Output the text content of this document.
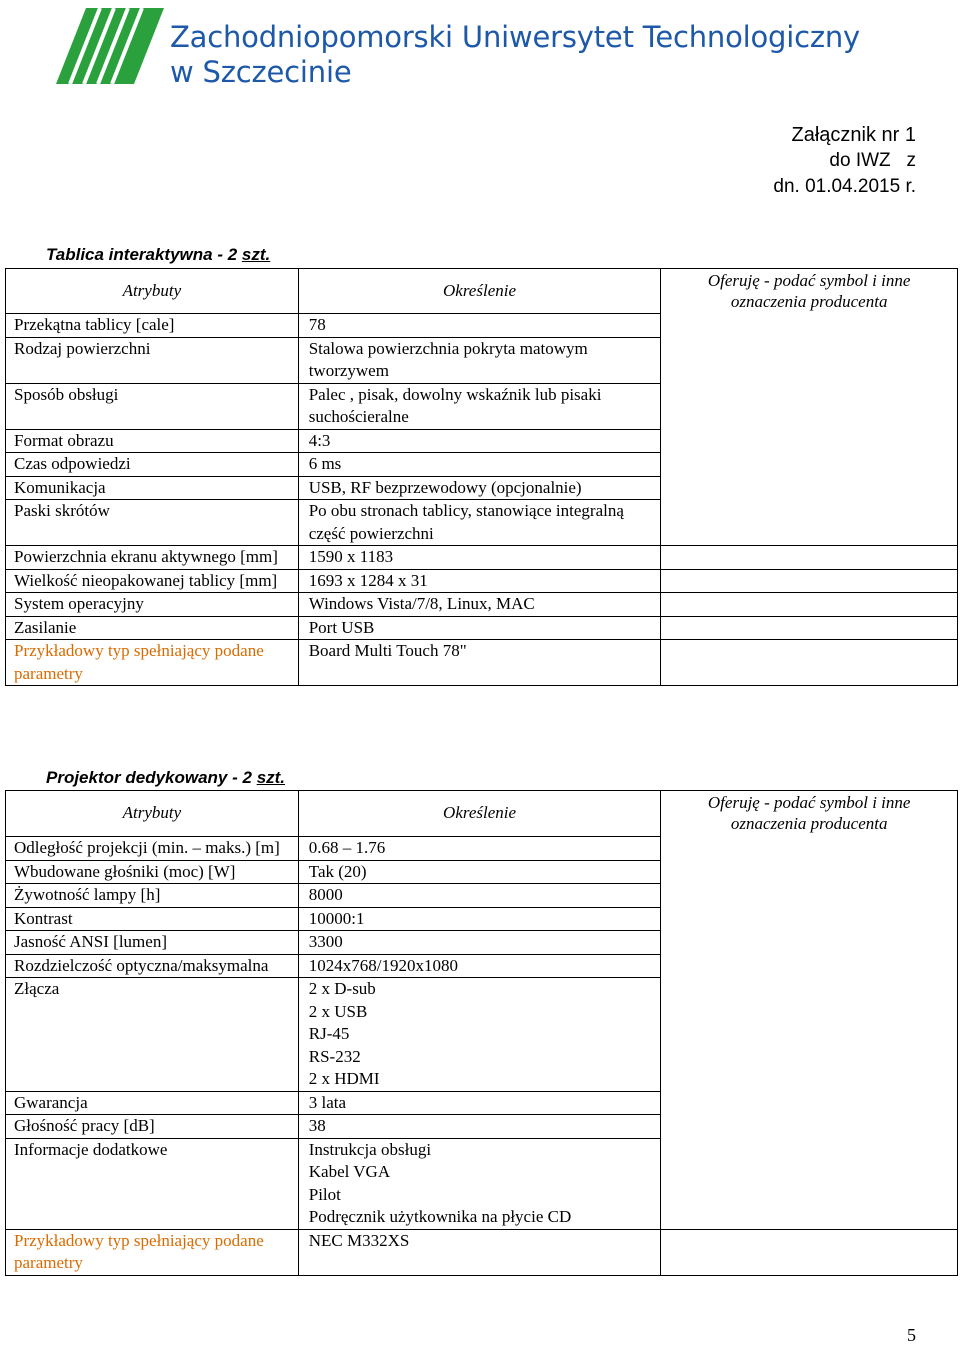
Zachodniopomorski Uniwersytet Technologiczny
w Szczecinie
Załącznik nr 1
do IWZ   z
dn. 01.04.2015 r.
Tablica interaktywna - 2 szt.
Atrybuty	Określenie	Oferuję - podać symbol i inne
oznaczenia producenta
Przekątna tablicy [cale]	78	
Rodzaj powierzchni	Stalowa powierzchnia pokryta matowym tworzywem	
Sposób obsługi	Palec , pisak, dowolny wskaźnik lub pisaki suchościeralne	
Format obrazu	4:3	
Czas odpowiedzi	6 ms	
Komunikacja	USB, RF bezprzewodowy (opcjonalnie)	
Paski skrótów	Po obu stronach tablicy, stanowiące integralną część powierzchni	
Powierzchnia ekranu aktywnego [mm]	1590 x 1183	
Wielkość nieopakowanej tablicy [mm]	1693 x 1284 x 31	
System operacyjny	Windows Vista/7/8, Linux, MAC	
Zasilanie	Port USB	
Przykładowy typ spełniający podane parametry	Board Multi Touch 78"	
Projektor dedykowany - 2 szt.
Atrybuty	Określenie	Oferuję - podać symbol i inne
oznaczenia producenta
Odległość projekcji (min. – maks.) [m]	0.68 – 1.76	
Wbudowane głośniki (moc) [W]	Tak (20)	
Żywotność lampy [h]	8000	
Kontrast	10000:1	
Jasność ANSI [lumen]	3300	
Rozdzielczość optyczna/maksymalna	1024x768/1920x1080	
Złącza	2 x D-sub
2 x USB
RJ-45
RS-232
2 x HDMI	

Gwarancja	3 lata	
Głośność pracy [dB]	38	
Informacje dodatkowe	Instrukcja obsługi
Kabel VGA
Pilot
Podręcznik użytkownika na płycie CD	

Przykładowy typ spełniający podane parametry	NEC M332XS	
5
